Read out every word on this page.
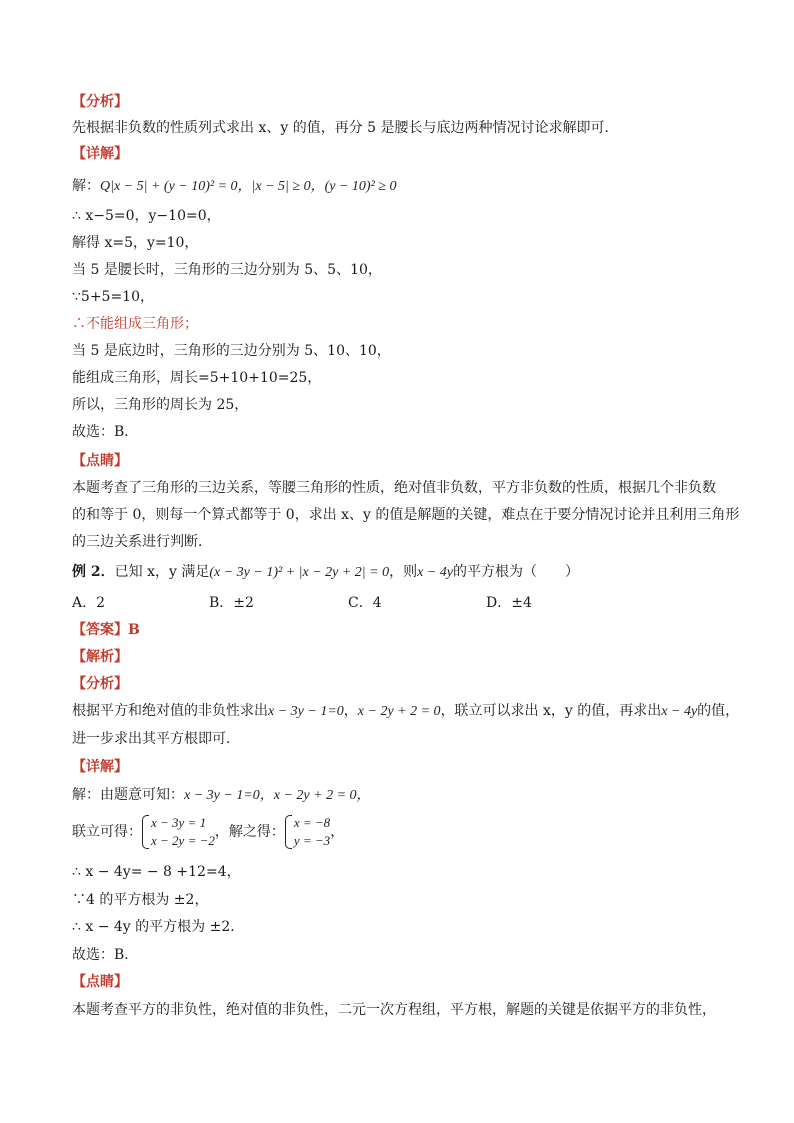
【分析】
先根据非负数的性质列式求出 x、y 的值，再分 5 是腰长与底边两种情况讨论求解即可．
【详解】
解：Q|x − 5| + (y − 10)² = 0，|x − 5| ≥ 0，(y − 10)² ≥ 0
∴ x−5=0，y−10=0，
解得 x=5，y=10，
当 5 是腰长时，三角形的三边分别为 5、5、10，
∵5+5=10，
∴不能组成三角形；
当 5 是底边时，三角形的三边分别为 5、10、10，
能组成三角形，周长=5+10+10=25，
所以，三角形的周长为 25，
故选：B．
【点睛】
本题考查了三角形的三边关系，等腰三角形的性质，绝对值非负数，平方非负数的性质，根据几个非负数
的和等于 0，则每一个算式都等于 0，求出 x、y 的值是解题的关键，难点在于要分情况讨论并且利用三角形
的三边关系进行判断．
例 2．已知 x，y 满足(x − 3y − 1)² + |x − 2y + 2| = 0，则x − 4y的平方根为（　　）
A．2	B．±2	C．4	D．±4
【答案】B
【解析】
【分析】
根据平方和绝对值的非负性求出x − 3y − 1=0，x − 2y + 2 = 0，联立可以求出 x，y 的值，再求出x − 4y的值，
进一步求出其平方根即可．
【详解】
解：由题意可知：x − 3y − 1=0，x − 2y + 2 = 0，
联立可得：
x − 3y = 1
x − 2y = −2
，解之得：
x = −8
y = −3
，
∴ x − 4y= − 8 +12=4，
∵4 的平方根为 ±2，
∴ x − 4y 的平方根为 ±2．
故选：B．
【点睛】
本题考查平方的非负性，绝对值的非负性，二元一次方程组，平方根，解题的关键是依据平方的非负性，
